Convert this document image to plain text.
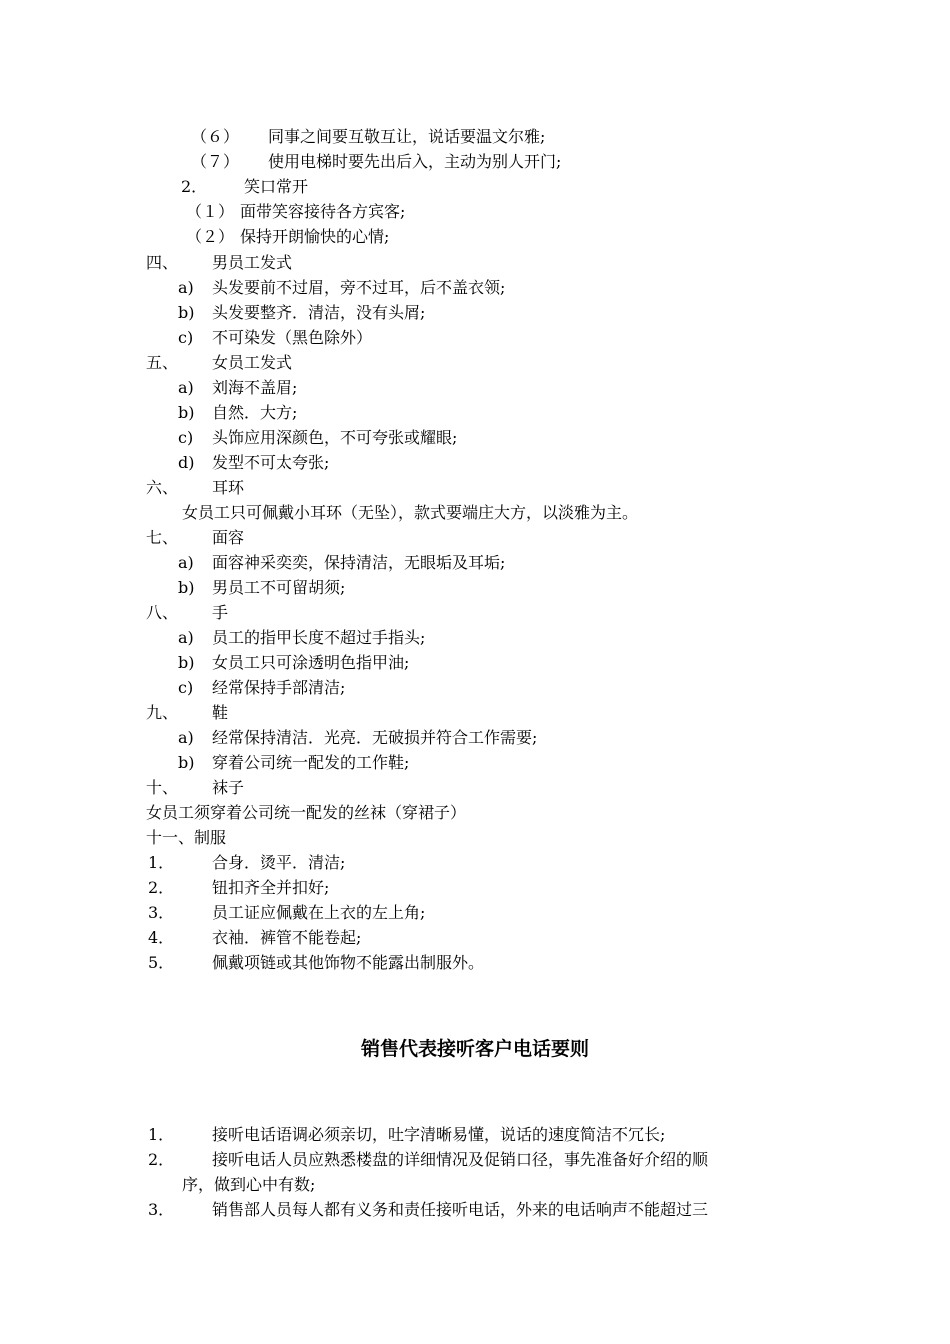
（６） 同事之间要互敬互让，说话要温文尔雅;
（７） 使用电梯时要先出后入，主动为别人开门;
2． 笑口常开
（１） 面带笑容接待各方宾客;
（２） 保持开朗愉快的心情;
四、 男员工发式
a) 头发要前不过眉，旁不过耳，后不盖衣领;
b) 头发要整齐．清洁，没有头屑;
c) 不可染发（黑色除外）
五、 女员工发式
a) 刘海不盖眉;
b) 自然．大方;
c) 头饰应用深颜色，不可夸张或耀眼;
d) 发型不可太夸张;
六、 耳环
女员工只可佩戴小耳环（无坠），款式要端庄大方，以淡雅为主。
七、 面容
a) 面容神采奕奕，保持清洁，无眼垢及耳垢;
b) 男员工不可留胡须;
八、 手
a) 员工的指甲长度不超过手指头;
b) 女员工只可涂透明色指甲油;
c) 经常保持手部清洁;
九、 鞋
a) 经常保持清洁．光亮．无破损并符合工作需要;
b) 穿着公司统一配发的工作鞋;
十、 袜子
女员工须穿着公司统一配发的丝袜（穿裙子）
十一、制服
1． 合身．烫平．清洁;
2． 钮扣齐全并扣好;
3． 员工证应佩戴在上衣的左上角;
4． 衣袖．裤管不能卷起;
5． 佩戴项链或其他饰物不能露出制服外。
销售代表接听客户电话要则
1． 接听电话语调必须亲切，吐字清晰易懂，说话的速度简洁不冗长;
2． 接听电话人员应熟悉楼盘的详细情况及促销口径，事先准备好介绍的顺
序，做到心中有数;
3． 销售部人员每人都有义务和责任接听电话，外来的电话响声不能超过三
